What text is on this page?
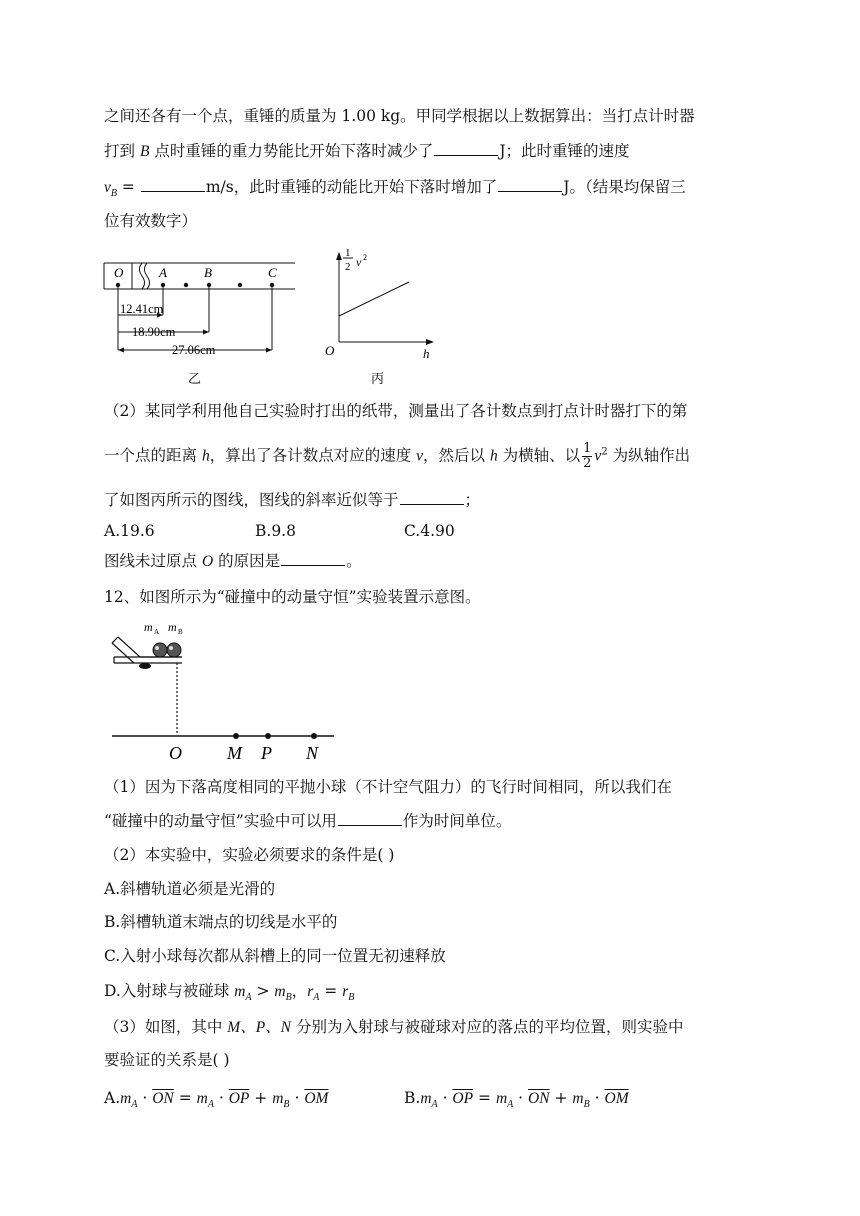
之间还各有一个点，重锤的质量为 1.00 kg。甲同学根据以上数据算出：当打点计时器
打到 B 点时重锤的重力势能比开始下落时减少了	J；此时重锤的速度
$v_B$ =	m/s，此时重锤的动能比开始下落时增加了	J。（结果均保留三
位有效数字）
O	A	B	C
12.41cm
18.90cm
27.06cm
乙
1
2 v 2
O	h
丙
（2）某同学利用他自己实验时打出的纸带，测量出了各计数点到打点计时器打下的第
一个点的距离 h，算出了各计数点对应的速度 v，然后以 h 为横轴、以 $\frac{1}{2} v^2$ 为纵轴作出
了如图丙所示的图线，图线的斜率近似等于	；
A.19.6	B.9.8	C.4.90
图线未过原点 O 的原因是	。
12、如图所示为“碰撞中的动量守恒”实验装置示意图。
m A m B
O	M P N
（1）因为下落高度相同的平抛小球（不计空气阻力）的飞行时间相同，所以我们在
“碰撞中的动量守恒”实验中可以用	作为时间单位。
（2）本实验中，实验必须要求的条件是( )
A.斜槽轨道必须是光滑的
B.斜槽轨道末端点的切线是水平的
C.入射小球每次都从斜槽上的同一位置无初速释放
D.入射球与被碰球 $m_A > m_B$，$r_A = r_B$
（3）如图，其中 M、P、N 分别为入射球与被碰球对应的落点的平均位置，则实验中
要验证的关系是( )
$A.m_A \cdot \overline{ON} = m_A \cdot \overline{OP} + m_B \cdot \overline{OM}$	$B.m_A \cdot \overline{OP} = m_A \cdot \overline{ON} + m_B \cdot \overline{OM}$
